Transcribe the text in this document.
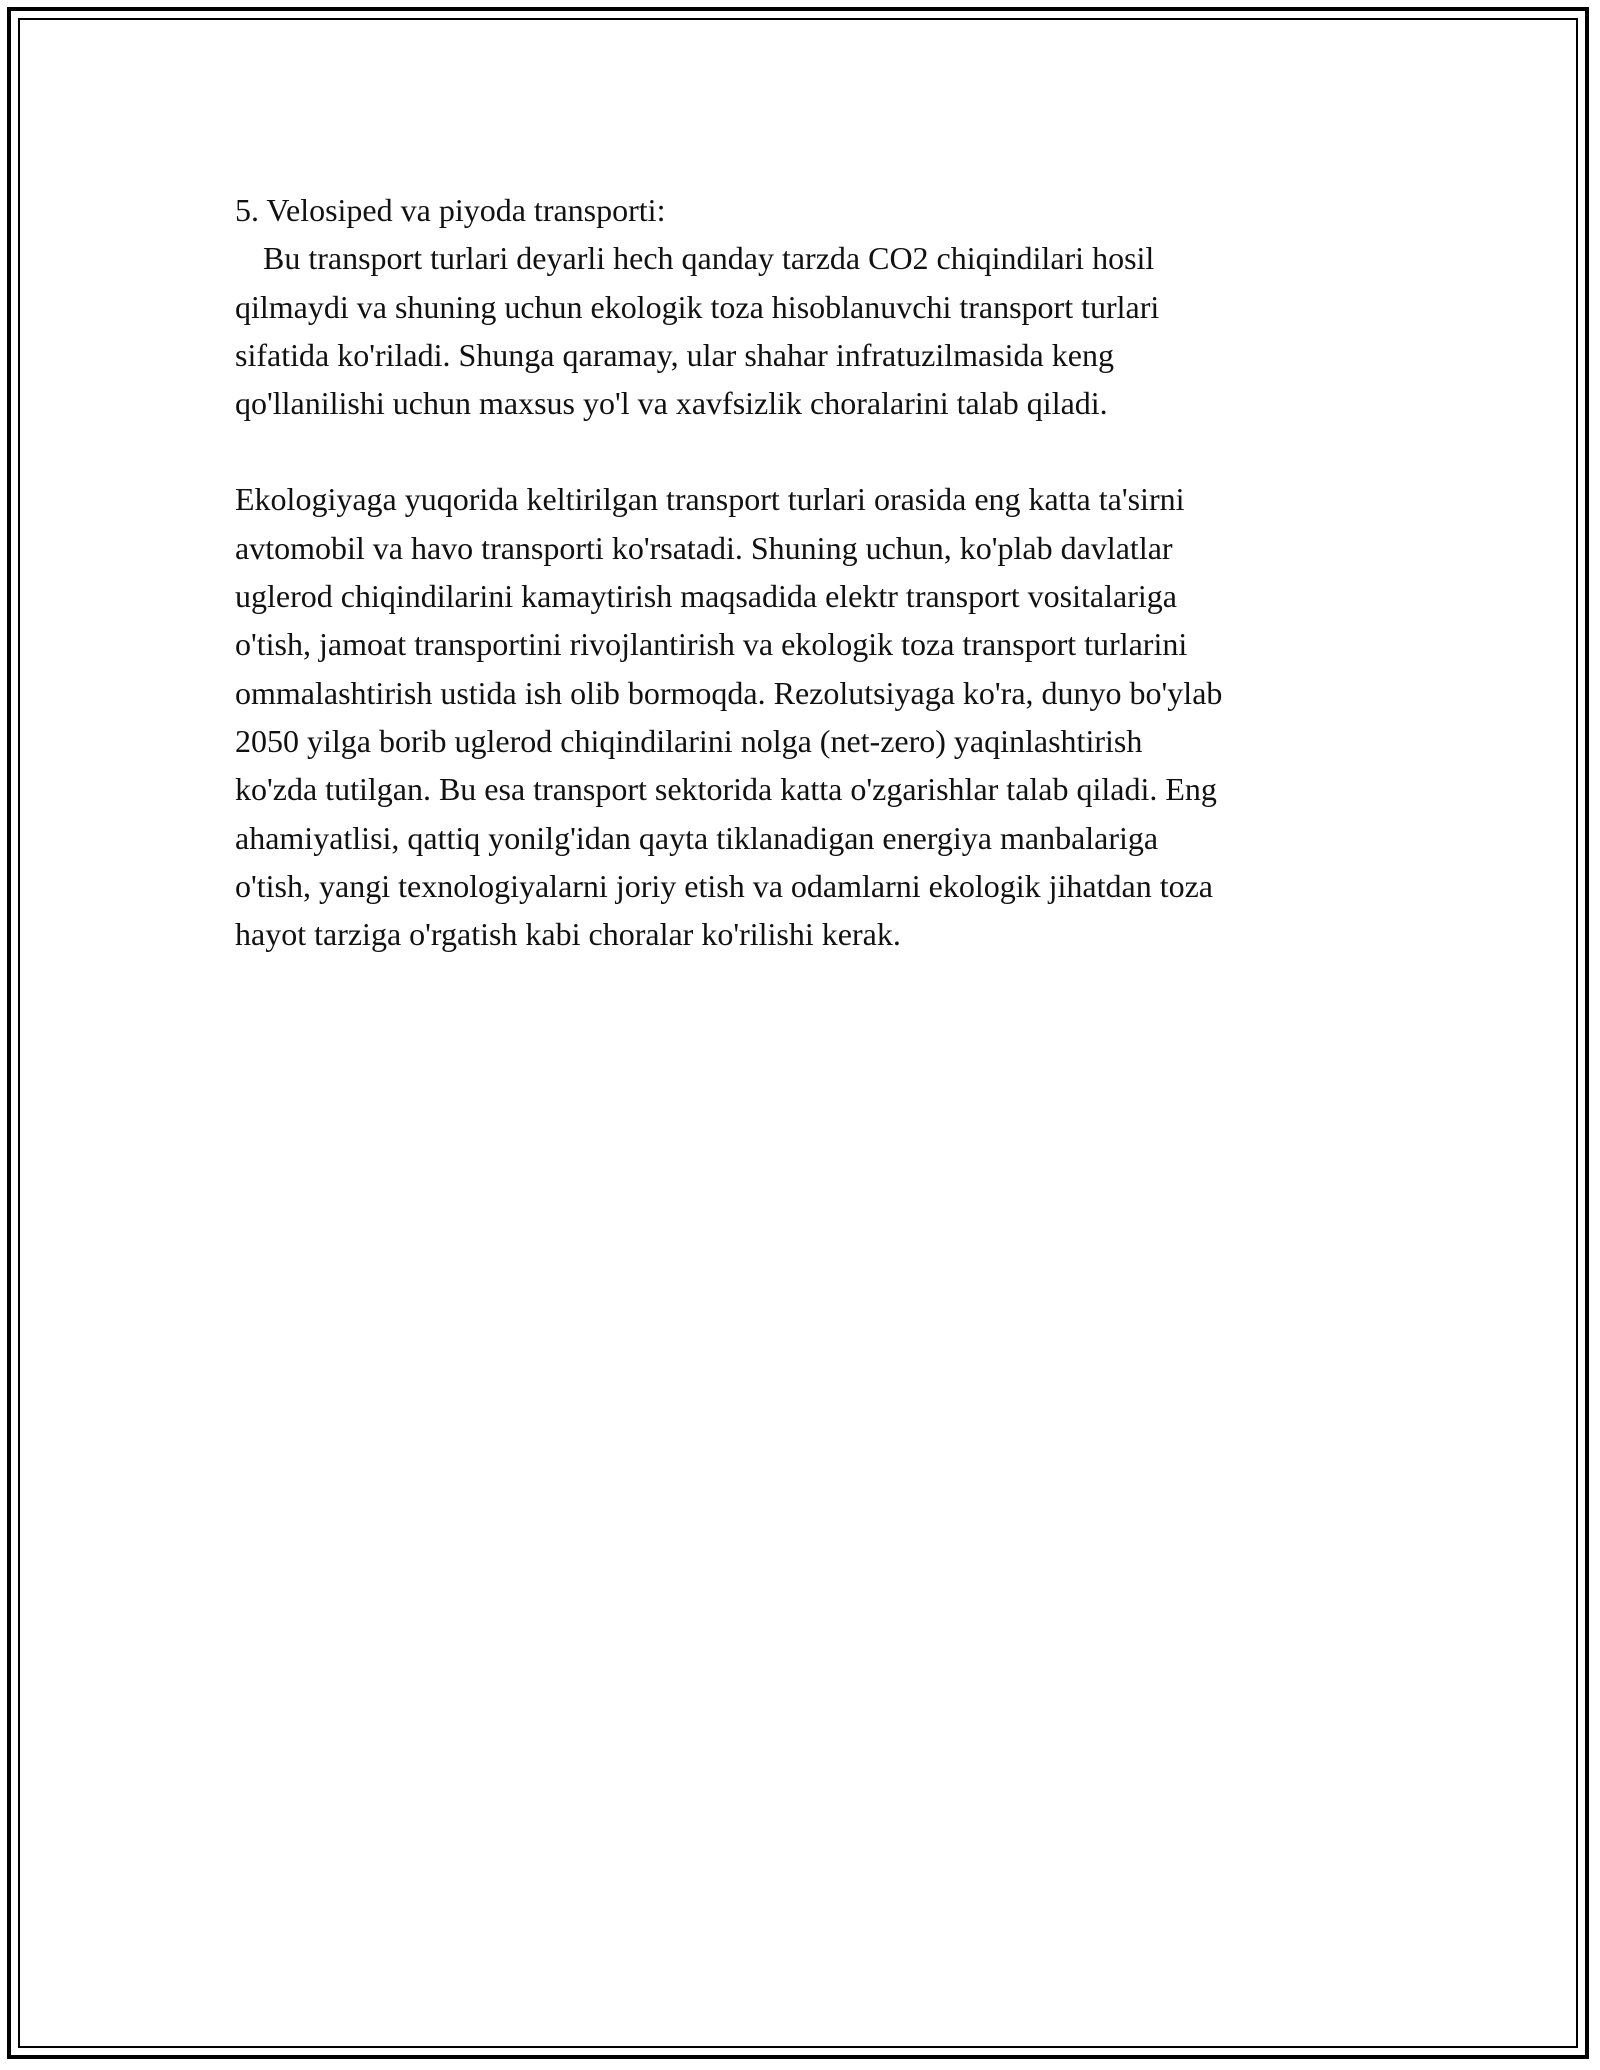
5. Velosiped va piyoda transporti:
Bu transport turlari deyarli hech qanday tarzda CO2 chiqindilari hosil
qilmaydi va shuning uchun ekologik toza hisoblanuvchi transport turlari
sifatida ko'riladi. Shunga qaramay, ular shahar infratuzilmasida keng
qo'llanilishi uchun maxsus yo'l va xavfsizlik choralarini talab qiladi.
Ekologiyaga yuqorida keltirilgan transport turlari orasida eng katta ta'sirni
avtomobil va havo transporti ko'rsatadi. Shuning uchun, ko'plab davlatlar
uglerod chiqindilarini kamaytirish maqsadida elektr transport vositalariga
o'tish, jamoat transportini rivojlantirish va ekologik toza transport turlarini
ommalashtirish ustida ish olib bormoqda. Rezolutsiyaga ko'ra, dunyo bo'ylab
2050 yilga borib uglerod chiqindilarini nolga (net-zero) yaqinlashtirish
ko'zda tutilgan. Bu esa transport sektorida katta o'zgarishlar talab qiladi. Eng
ahamiyatlisi, qattiq yonilg'idan qayta tiklanadigan energiya manbalariga
o'tish, yangi texnologiyalarni joriy etish va odamlarni ekologik jihatdan toza
hayot tarziga o'rgatish kabi choralar ko'rilishi kerak.
